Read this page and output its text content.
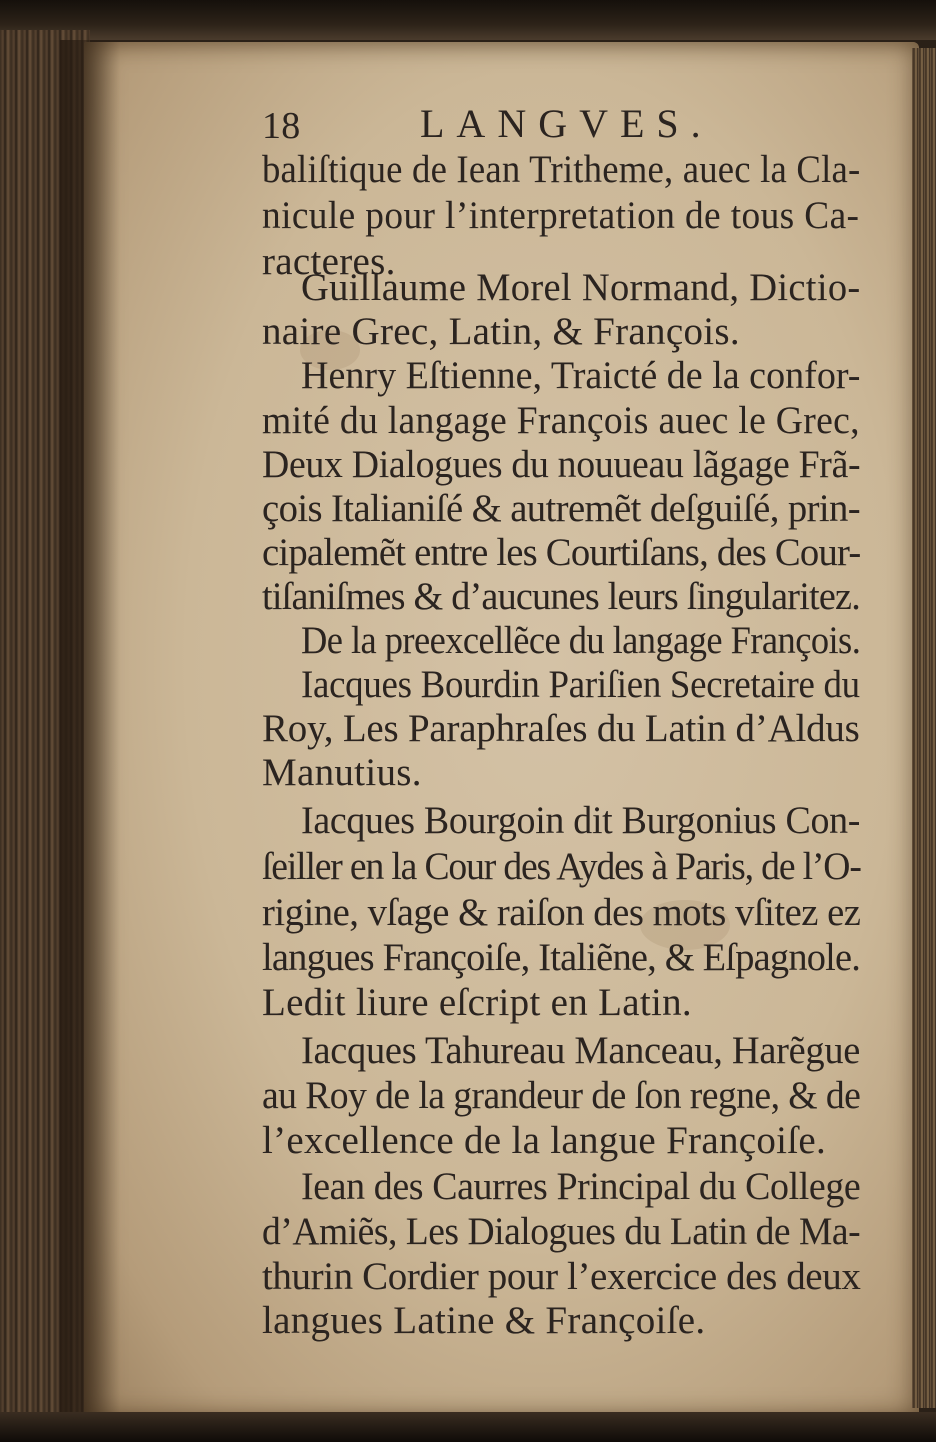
18	LANGVES.
baliſtique de Iean Tritheme, auec la Cla-
nicule pour l’interpretation de tous Ca-
racteres.
Guillaume Morel Normand, Dictio-
naire Grec, Latin, & François.
Henry Eſtienne, Traicté de la confor-
mité du langage François auec le Grec,
Deux Dialogues du nouueau lãgage Frã-
çois Italianiſé & autremẽt deſguiſé, prin-
cipalemẽt entre les Courtiſans, des Cour-
tiſaniſmes & d’aucunes leurs ſingularitez.
De la preexcellẽce du langage François.
Iacques Bourdin Pariſien Secretaire du
Roy, Les Paraphraſes du Latin d’Aldus
Manutius.
Iacques Bourgoin dit Burgonius Con-
ſeiller en la Cour des Aydes à Paris, de l’O-
rigine, vſage & raiſon des mots vſitez ez
langues Françoiſe, Italiẽne, & Eſpagnole.
Ledit liure eſcript en Latin.
Iacques Tahureau Manceau, Harẽgue
au Roy de la grandeur de ſon regne, & de
l’excellence de la langue Françoiſe.
Iean des Caurres Principal du College
d’Amiẽs, Les Dialogues du Latin de Ma-
thurin Cordier pour l’exercice des deux
langues Latine & Françoiſe.
